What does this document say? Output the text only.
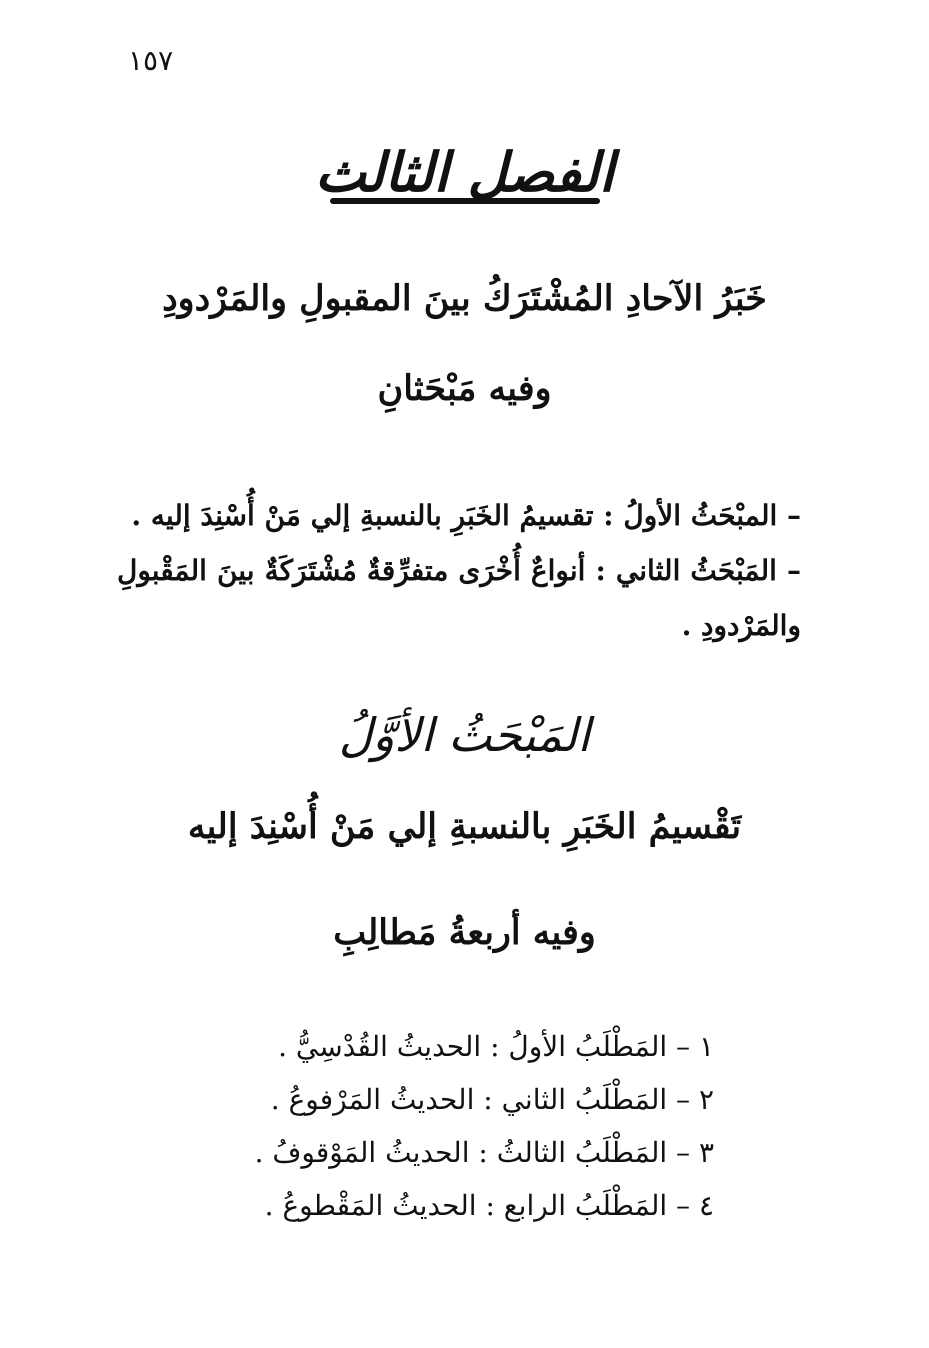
١٥٧
الفصل الثالث
خَبَرُ الآحادِ المُشْتَرَكُ بينَ المقبولِ والمَرْدودِ
وفيه مَبْحَثانِ

– المبْحَثُ الأولُ : تقسيمُ الخَبَرِ بالنسبةِ إلي مَنْ أُسْنِدَ إليه .

– المَبْحَثُ الثاني : أنواعٌ أُخْرَى متفرِّقةٌ مُشْتَرَكَةٌ بينَ المَقْبولِ والمَرْدودِ .

المَبْحَثُ الأوَّلُ
تَقْسيمُ الخَبَرِ بالنسبةِ إلي مَنْ أُسْنِدَ إليه
وفيه أربعةُ مَطالِبِ
١ – المَطْلَبُ الأولُ : الحديثُ القُدْسِيُّ .
٢ – المَطْلَبُ الثاني : الحديثُ المَرْفوعُ .
٣ – المَطْلَبُ الثالثُ : الحديثُ المَوْقوفُ .
٤ – المَطْلَبُ الرابع : الحديثُ المَقْطوعُ .
